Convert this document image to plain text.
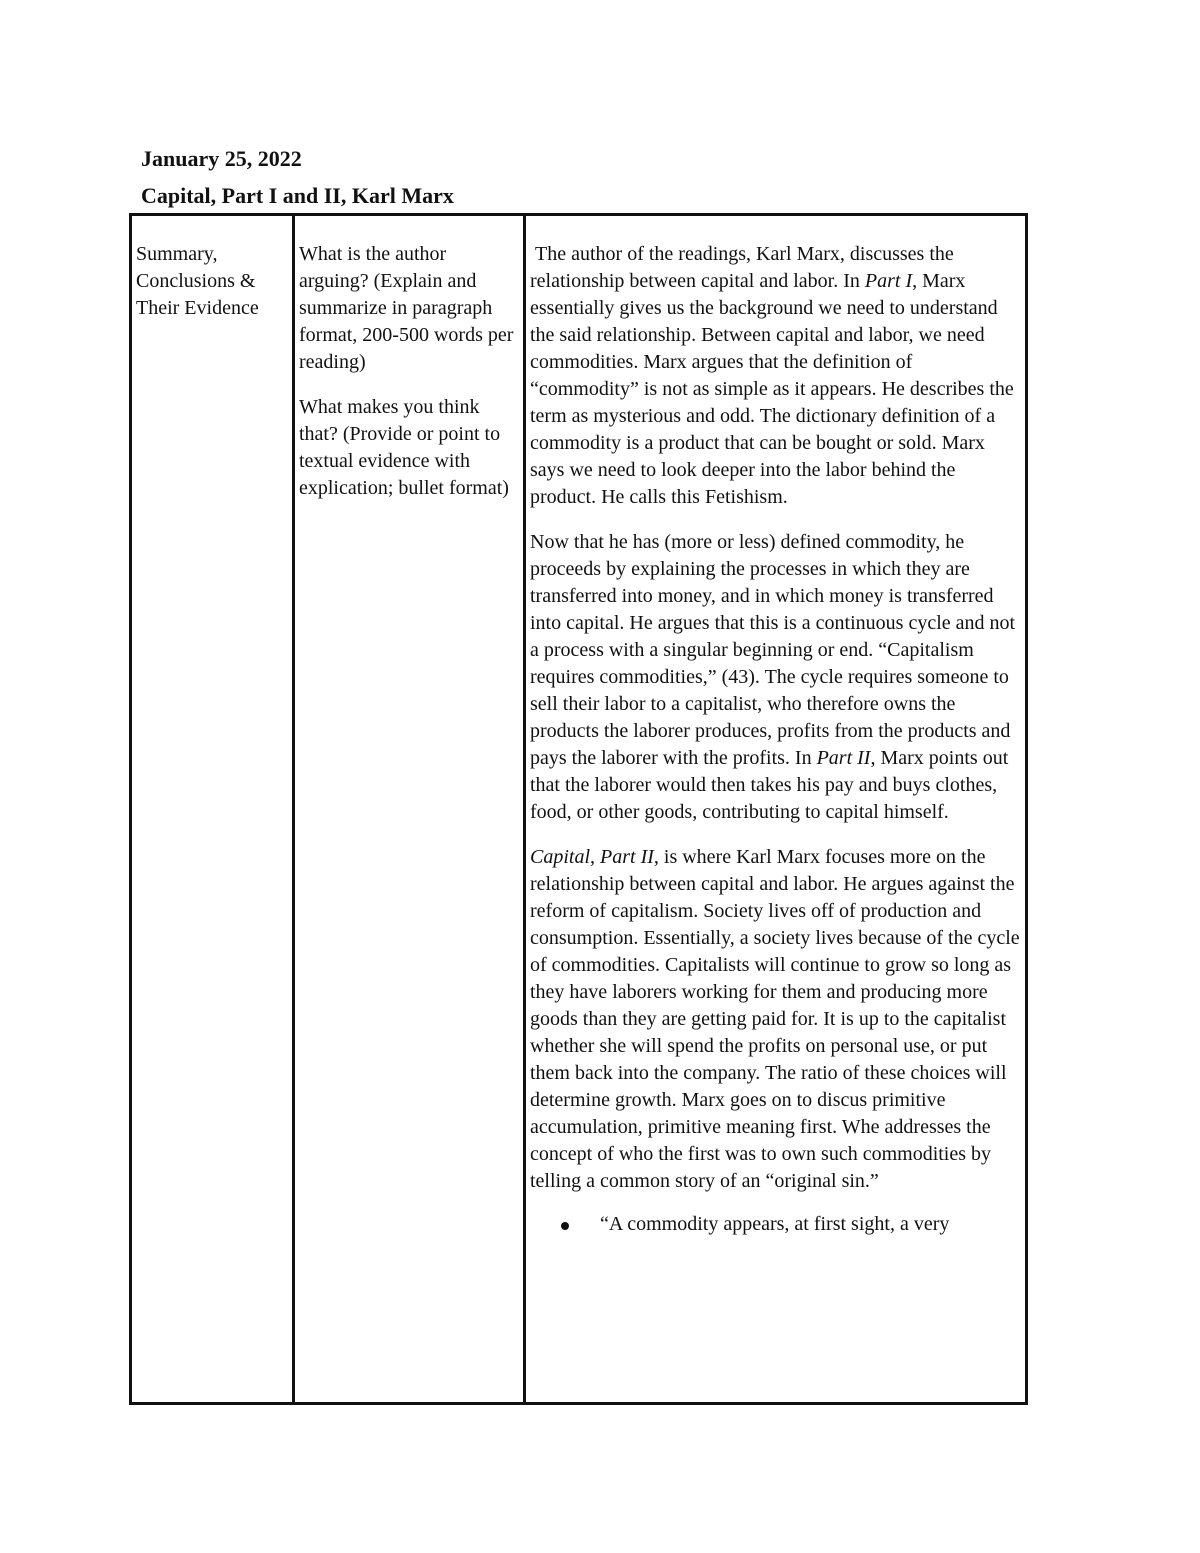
January 25, 2022
Capital, Part I and II, Karl Marx

Summary, Conclusions & Their Evidence

What is the author arguing? (Explain and summarize in paragraph format, 200-500 words per reading)

What makes you think that? (Provide or point to textual evidence with explication; bullet format)

The author of the readings, Karl Marx, discusses the relationship between capital and labor. In Part I, Marx essentially gives us the background we need to understand the said relationship. Between capital and labor, we need commodities. Marx argues that the definition of “commodity” is not as simple as it appears. He describes the term as mysterious and odd. The dictionary definition of a commodity is a product that can be bought or sold. Marx says we need to look deeper into the labor behind the product. He calls this Fetishism.

Now that he has (more or less) defined commodity, he proceeds by explaining the processes in which they are transferred into money, and in which money is transferred into capital. He argues that this is a continuous cycle and not a process with a singular beginning or end. “Capitalism requires commodities,” (43). The cycle requires someone to sell their labor to a capitalist, who therefore owns the products the laborer produces, profits from the products and pays the laborer with the profits. In Part II, Marx points out that the laborer would then takes his pay and buys clothes, food, or other goods, contributing to capital himself.

Capital, Part II, is where Karl Marx focuses more on the relationship between capital and labor. He argues against the reform of capitalism. Society lives off of production and consumption. Essentially, a society lives because of the cycle of commodities. Capitalists will continue to grow so long as they have laborers working for them and producing more goods than they are getting paid for. It is up to the capitalist whether she will spend the profits on personal use, or put them back into the company. The ratio of these choices will determine growth. Marx goes on to discus primitive accumulation, primitive meaning first. Whe addresses the concept of who the first was to own such commodities by telling a common story of an “original sin.”

“A commodity appears, at first sight, a very
